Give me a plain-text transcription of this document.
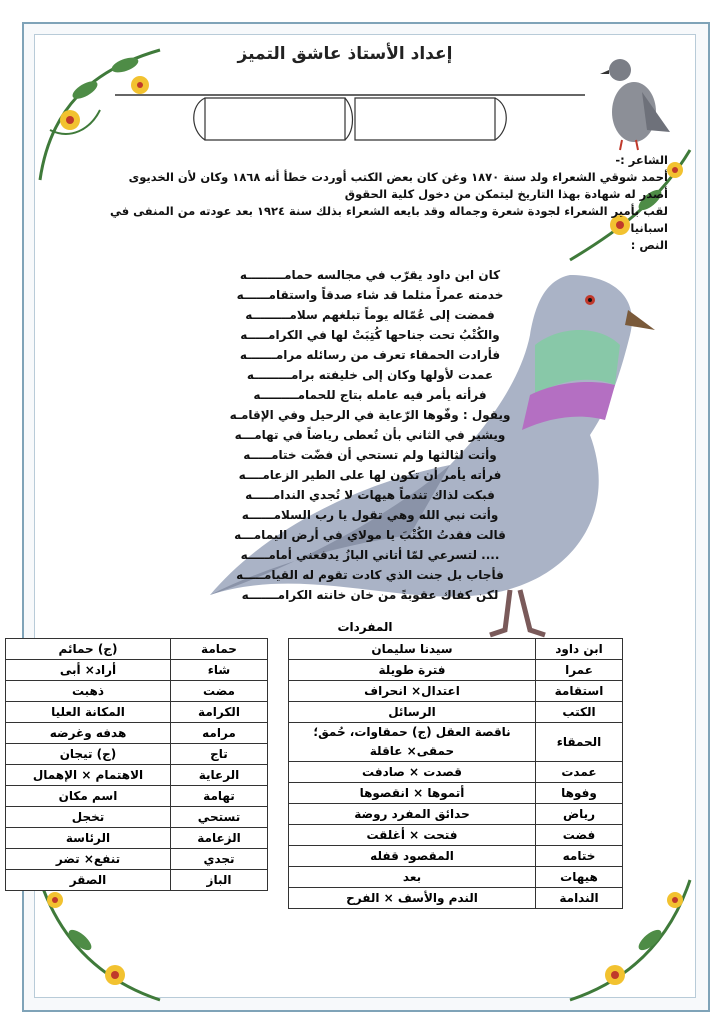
إعداد الأستاذ عاشق التميز
الشاعر :-
أحمد شوقي الشعراء ولد سنة ١٨٧٠ وغن كان بعض الكتب أوردت خطأ أنه ١٨٦٨ وكان لأن الخديوى
أصدر له شهادة بهذا التاريخ ليتمكن من دخول كلية الحقوق
لقب بأمير الشعراء لجودة شعرة وجماله وقد بايعه الشعراء بذلك سنة ١٩٢٤ بعد عودته من المنفى في
اسبانيا
النص :
كان ابن داود يقرّب في مجالسه حمامـــــــــه
خدمته عمراً مثلما قد شاء صدقاً واستقامــــــه
فمضت إلى عُمّاله يوماً تبلغهم سلامـــــــــه
والكُتْبُ تحت جناحها كُتِبَتْ لها في الكرامـــــه
فأرادت الحمقاء تعرف من رسائله مرامـــــــه
عمدت لأولها وكان إلى خليفته برامـــــــــه
فرأته يأمر فيه عامله بتاج للحمامـــــــــه
ويقول : وفّوها الرّعاية في الرحيل وفي الإقامـه
ويشير في الثاني بأن تُعطى رياضاً في تهامـــه
وأتت لثالثها ولم تستحي أن فضّت ختامـــــه
فرأته يأمر أن تكون لها على الطير الزعامــــه
فبكت لذاك تندماً هيهات لا تُجدي الندامـــــه
وأتت نبي الله وهي تقول يا رب السلامــــــه
قالت فقدتُ الكُتْبَ يا مولاي في أرض اليمامـــه
.... لتسرعي لمّا أتاني البازُ يدفعني أمامـــــه
فأجاب بل جنت الذي كادت تقوم له القيامـــــه
لكن كفاك عقوبةً من خان خانته الكرامـــــــه
المفردات
ابن داود	سيدنا سليمان
عمرا	فترة طويلة
استقامة	اعتدال× انحراف
الكتب	الرسائل
الحمقاء	ناقصة العقل (ج) حمقاوات، حُمق؛ حمقى× عاقلة
عمدت	قصدت × صادفت
وفوها	أتموها × انقصوها
رياض	حدائق المفرد روضة
فضت	فتحت × أغلقت
ختامه	المقصود قفله
هيهات	بعد
الندامة	الندم والأسف × الفرح
حمامة	(ج) حمائم
شاء	أراد× أبى
مضت	ذهبت
الكرامة	المكانة العليا
مرامه	هدفه وغرضه
تاج	(ج) تيجان
الرعاية	الاهتمام × الإهمال
تهامة	اسم مكان
تستحي	تخجل
الزعامة	الرئاسة
تجدي	تنفع× تضر
الباز	الصقر
